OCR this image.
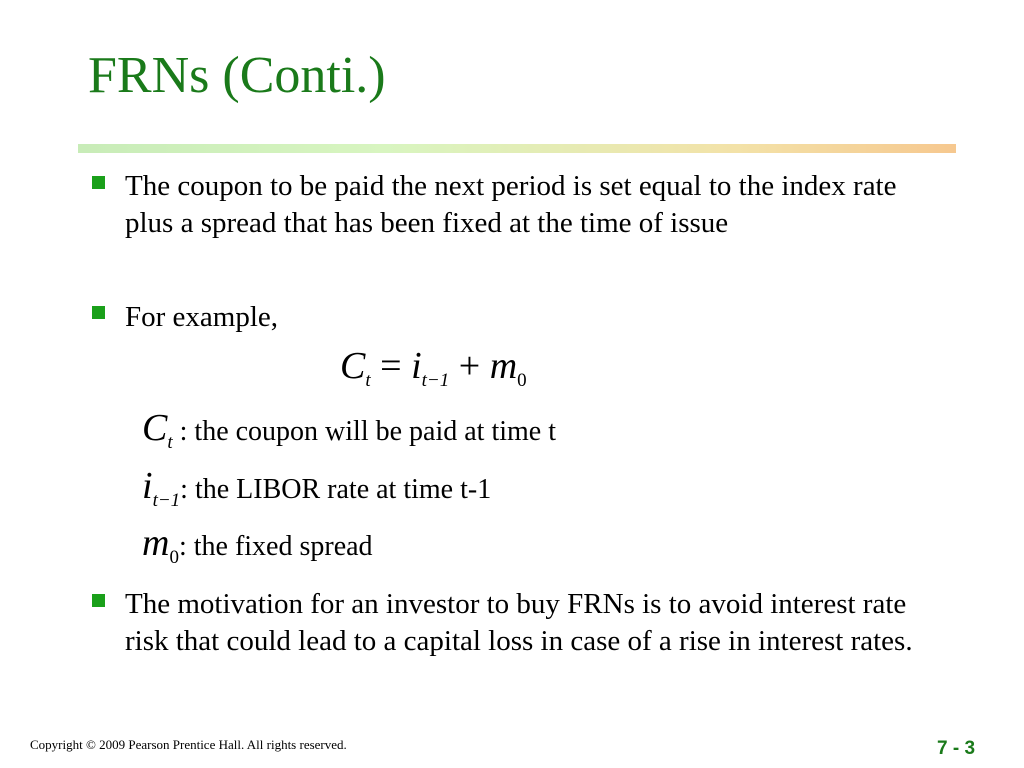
FRNs (Conti.)
The coupon to be paid the next period is set equal to the index rate plus a spread that has been fixed at the time of issue
For example,
$C_t = i_{t-1} + m_0$
$C_t$ : the coupon will be paid at time t
$i_{t-1}$: the LIBOR rate at time t-1
$m_0$: the fixed spread
The motivation for an investor to buy FRNs is to avoid interest rate risk that could lead to a capital loss in case of a rise in interest rates.
Copyright © 2009 Pearson Prentice Hall. All rights reserved.	7 - 3
